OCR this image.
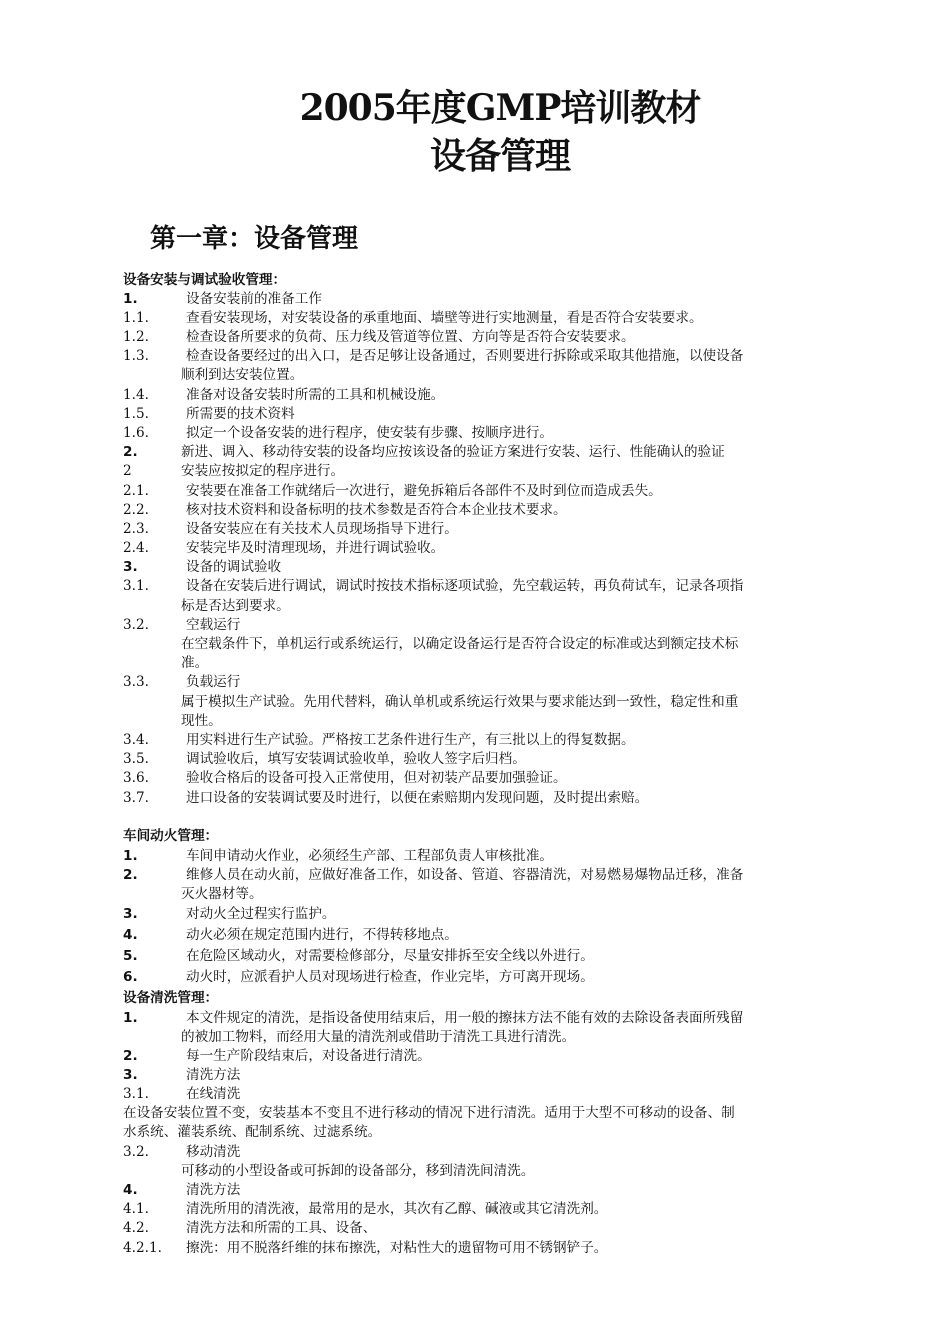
2005年度GMP培训教材
设备管理
第一章：设备管理
设备安装与调试验收管理：
1.	设备安装前的准备工作
1.1.	查看安装现场，对安装设备的承重地面、墙壁等进行实地测量，看是否符合安装要求。
1.2.	检查设备所要求的负荷、压力线及管道等位置、方向等是否符合安装要求。
1.3.	检查设备要经过的出入口，是否足够让设备通过，否则要进行拆除或采取其他措施，以使设备
顺利到达安装位置。
1.4.	准备对设备安装时所需的工具和机械设施。
1.5.	所需要的技术资料
1.6.	拟定一个设备安装的进行程序，使安装有步骤、按顺序进行。
2.	新进、调入、移动待安装的设备均应按该设备的验证方案进行安装、运行、性能确认的验证
2	安装应按拟定的程序进行。
2.1.	安装要在准备工作就绪后一次进行，避免拆箱后各部件不及时到位而造成丢失。
2.2.	核对技术资料和设备标明的技术参数是否符合本企业技术要求。
2.3.	设备安装应在有关技术人员现场指导下进行。
2.4.	安装完毕及时清理现场，并进行调试验收。
3.	设备的调试验收
3.1.	设备在安装后进行调试，调试时按技术指标逐项试验，先空载运转，再负荷试车，记录各项指
标是否达到要求。
3.2.	空载运行
在空载条件下，单机运行或系统运行，以确定设备运行是否符合设定的标准或达到额定技术标
准。
3.3.	负载运行
属于模拟生产试验。先用代替料，确认单机或系统运行效果与要求能达到一致性，稳定性和重
现性。
3.4.	用实料进行生产试验。严格按工艺条件进行生产，有三批以上的得复数据。
3.5.	调试验收后，填写安装调试验收单，验收人签字后归档。
3.6.	验收合格后的设备可投入正常使用，但对初装产品要加强验证。
3.7.	进口设备的安装调试要及时进行，以便在索赔期内发现问题，及时提出索赔。
车间动火管理：
1.	车间申请动火作业，必须经生产部、工程部负责人审核批准。
2.	维修人员在动火前，应做好准备工作，如设备、管道、容器清洗，对易燃易爆物品迁移，准备
灭火器材等。
3.	对动火全过程实行监护。
4.	动火必须在规定范围内进行，不得转移地点。
5.	在危险区域动火，对需要检修部分，尽量安排拆至安全线以外进行。
6.	动火时，应派看护人员对现场进行检查，作业完毕，方可离开现场。
设备清洗管理：
1.	本文件规定的清洗，是指设备使用结束后，用一般的擦抹方法不能有效的去除设备表面所残留
的被加工物料，而经用大量的清洗剂或借助于清洗工具进行清洗。
2.	每一生产阶段结束后，对设备进行清洗。
3.	清洗方法
3.1.	在线清洗
在设备安装位置不变，安装基本不变且不进行移动的情况下进行清洗。适用于大型不可移动的设备、制
水系统、灌装系统、配制系统、过滤系统。
3.2.	移动清洗
可移动的小型设备或可拆卸的设备部分，移到清洗间清洗。
4.	清洗方法
4.1.	清洗所用的清洗液，最常用的是水，其次有乙醇、碱液或其它清洗剂。
4.2.	清洗方法和所需的工具、设备、
4.2.1. 擦洗：用不脱落纤维的抹布擦洗，对粘性大的遗留物可用不锈钢铲子。
